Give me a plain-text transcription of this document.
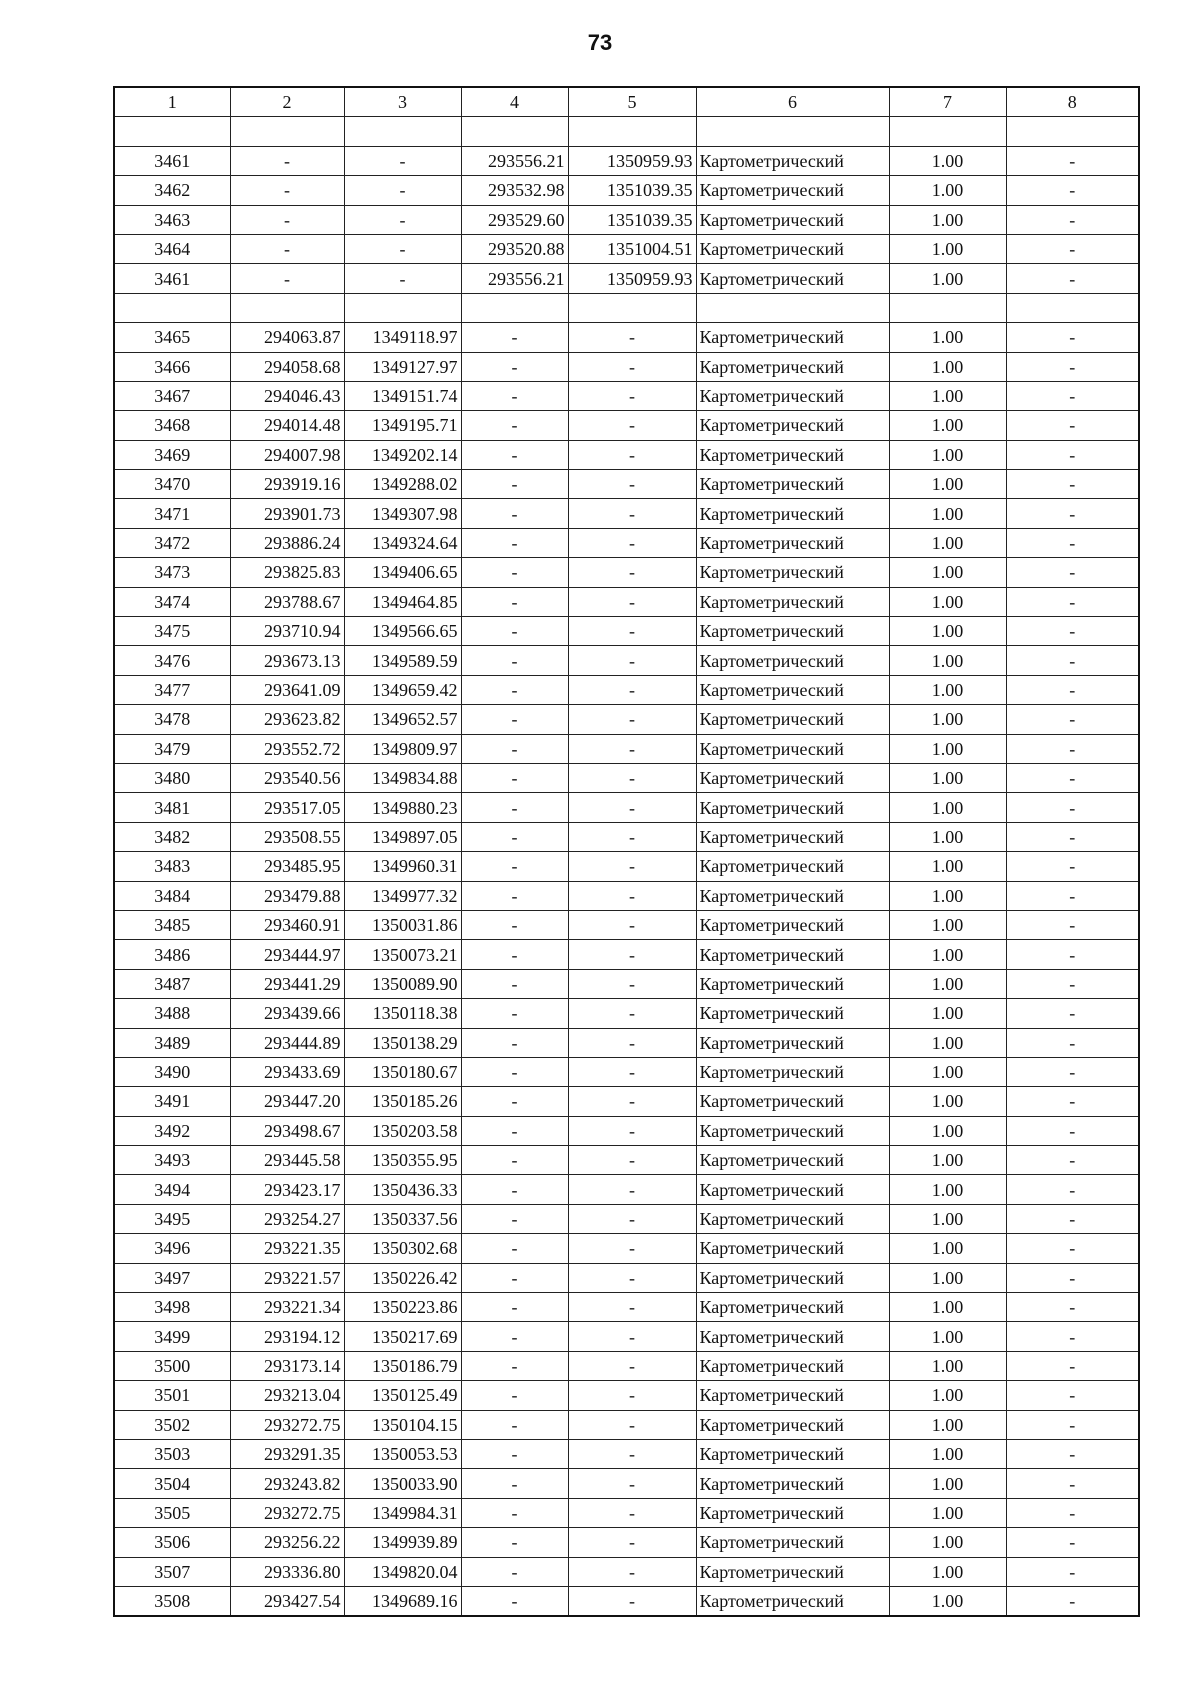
73
1	2	3	4	5	6	7	8

3461	-	-	293556.21	1350959.93	Картометрический	1.00	-
3462	-	-	293532.98	1351039.35	Картометрический	1.00	-
3463	-	-	293529.60	1351039.35	Картометрический	1.00	-
3464	-	-	293520.88	1351004.51	Картометрический	1.00	-
3461	-	-	293556.21	1350959.93	Картометрический	1.00	-

3465	294063.87	1349118.97	-	-	Картометрический	1.00	-
3466	294058.68	1349127.97	-	-	Картометрический	1.00	-
3467	294046.43	1349151.74	-	-	Картометрический	1.00	-
3468	294014.48	1349195.71	-	-	Картометрический	1.00	-
3469	294007.98	1349202.14	-	-	Картометрический	1.00	-
3470	293919.16	1349288.02	-	-	Картометрический	1.00	-
3471	293901.73	1349307.98	-	-	Картометрический	1.00	-
3472	293886.24	1349324.64	-	-	Картометрический	1.00	-
3473	293825.83	1349406.65	-	-	Картометрический	1.00	-
3474	293788.67	1349464.85	-	-	Картометрический	1.00	-
3475	293710.94	1349566.65	-	-	Картометрический	1.00	-
3476	293673.13	1349589.59	-	-	Картометрический	1.00	-
3477	293641.09	1349659.42	-	-	Картометрический	1.00	-
3478	293623.82	1349652.57	-	-	Картометрический	1.00	-
3479	293552.72	1349809.97	-	-	Картометрический	1.00	-
3480	293540.56	1349834.88	-	-	Картометрический	1.00	-
3481	293517.05	1349880.23	-	-	Картометрический	1.00	-
3482	293508.55	1349897.05	-	-	Картометрический	1.00	-
3483	293485.95	1349960.31	-	-	Картометрический	1.00	-
3484	293479.88	1349977.32	-	-	Картометрический	1.00	-
3485	293460.91	1350031.86	-	-	Картометрический	1.00	-
3486	293444.97	1350073.21	-	-	Картометрический	1.00	-
3487	293441.29	1350089.90	-	-	Картометрический	1.00	-
3488	293439.66	1350118.38	-	-	Картометрический	1.00	-
3489	293444.89	1350138.29	-	-	Картометрический	1.00	-
3490	293433.69	1350180.67	-	-	Картометрический	1.00	-
3491	293447.20	1350185.26	-	-	Картометрический	1.00	-
3492	293498.67	1350203.58	-	-	Картометрический	1.00	-
3493	293445.58	1350355.95	-	-	Картометрический	1.00	-
3494	293423.17	1350436.33	-	-	Картометрический	1.00	-
3495	293254.27	1350337.56	-	-	Картометрический	1.00	-
3496	293221.35	1350302.68	-	-	Картометрический	1.00	-
3497	293221.57	1350226.42	-	-	Картометрический	1.00	-
3498	293221.34	1350223.86	-	-	Картометрический	1.00	-
3499	293194.12	1350217.69	-	-	Картометрический	1.00	-
3500	293173.14	1350186.79	-	-	Картометрический	1.00	-
3501	293213.04	1350125.49	-	-	Картометрический	1.00	-
3502	293272.75	1350104.15	-	-	Картометрический	1.00	-
3503	293291.35	1350053.53	-	-	Картометрический	1.00	-
3504	293243.82	1350033.90	-	-	Картометрический	1.00	-
3505	293272.75	1349984.31	-	-	Картометрический	1.00	-
3506	293256.22	1349939.89	-	-	Картометрический	1.00	-
3507	293336.80	1349820.04	-	-	Картометрический	1.00	-
3508	293427.54	1349689.16	-	-	Картометрический	1.00	-
